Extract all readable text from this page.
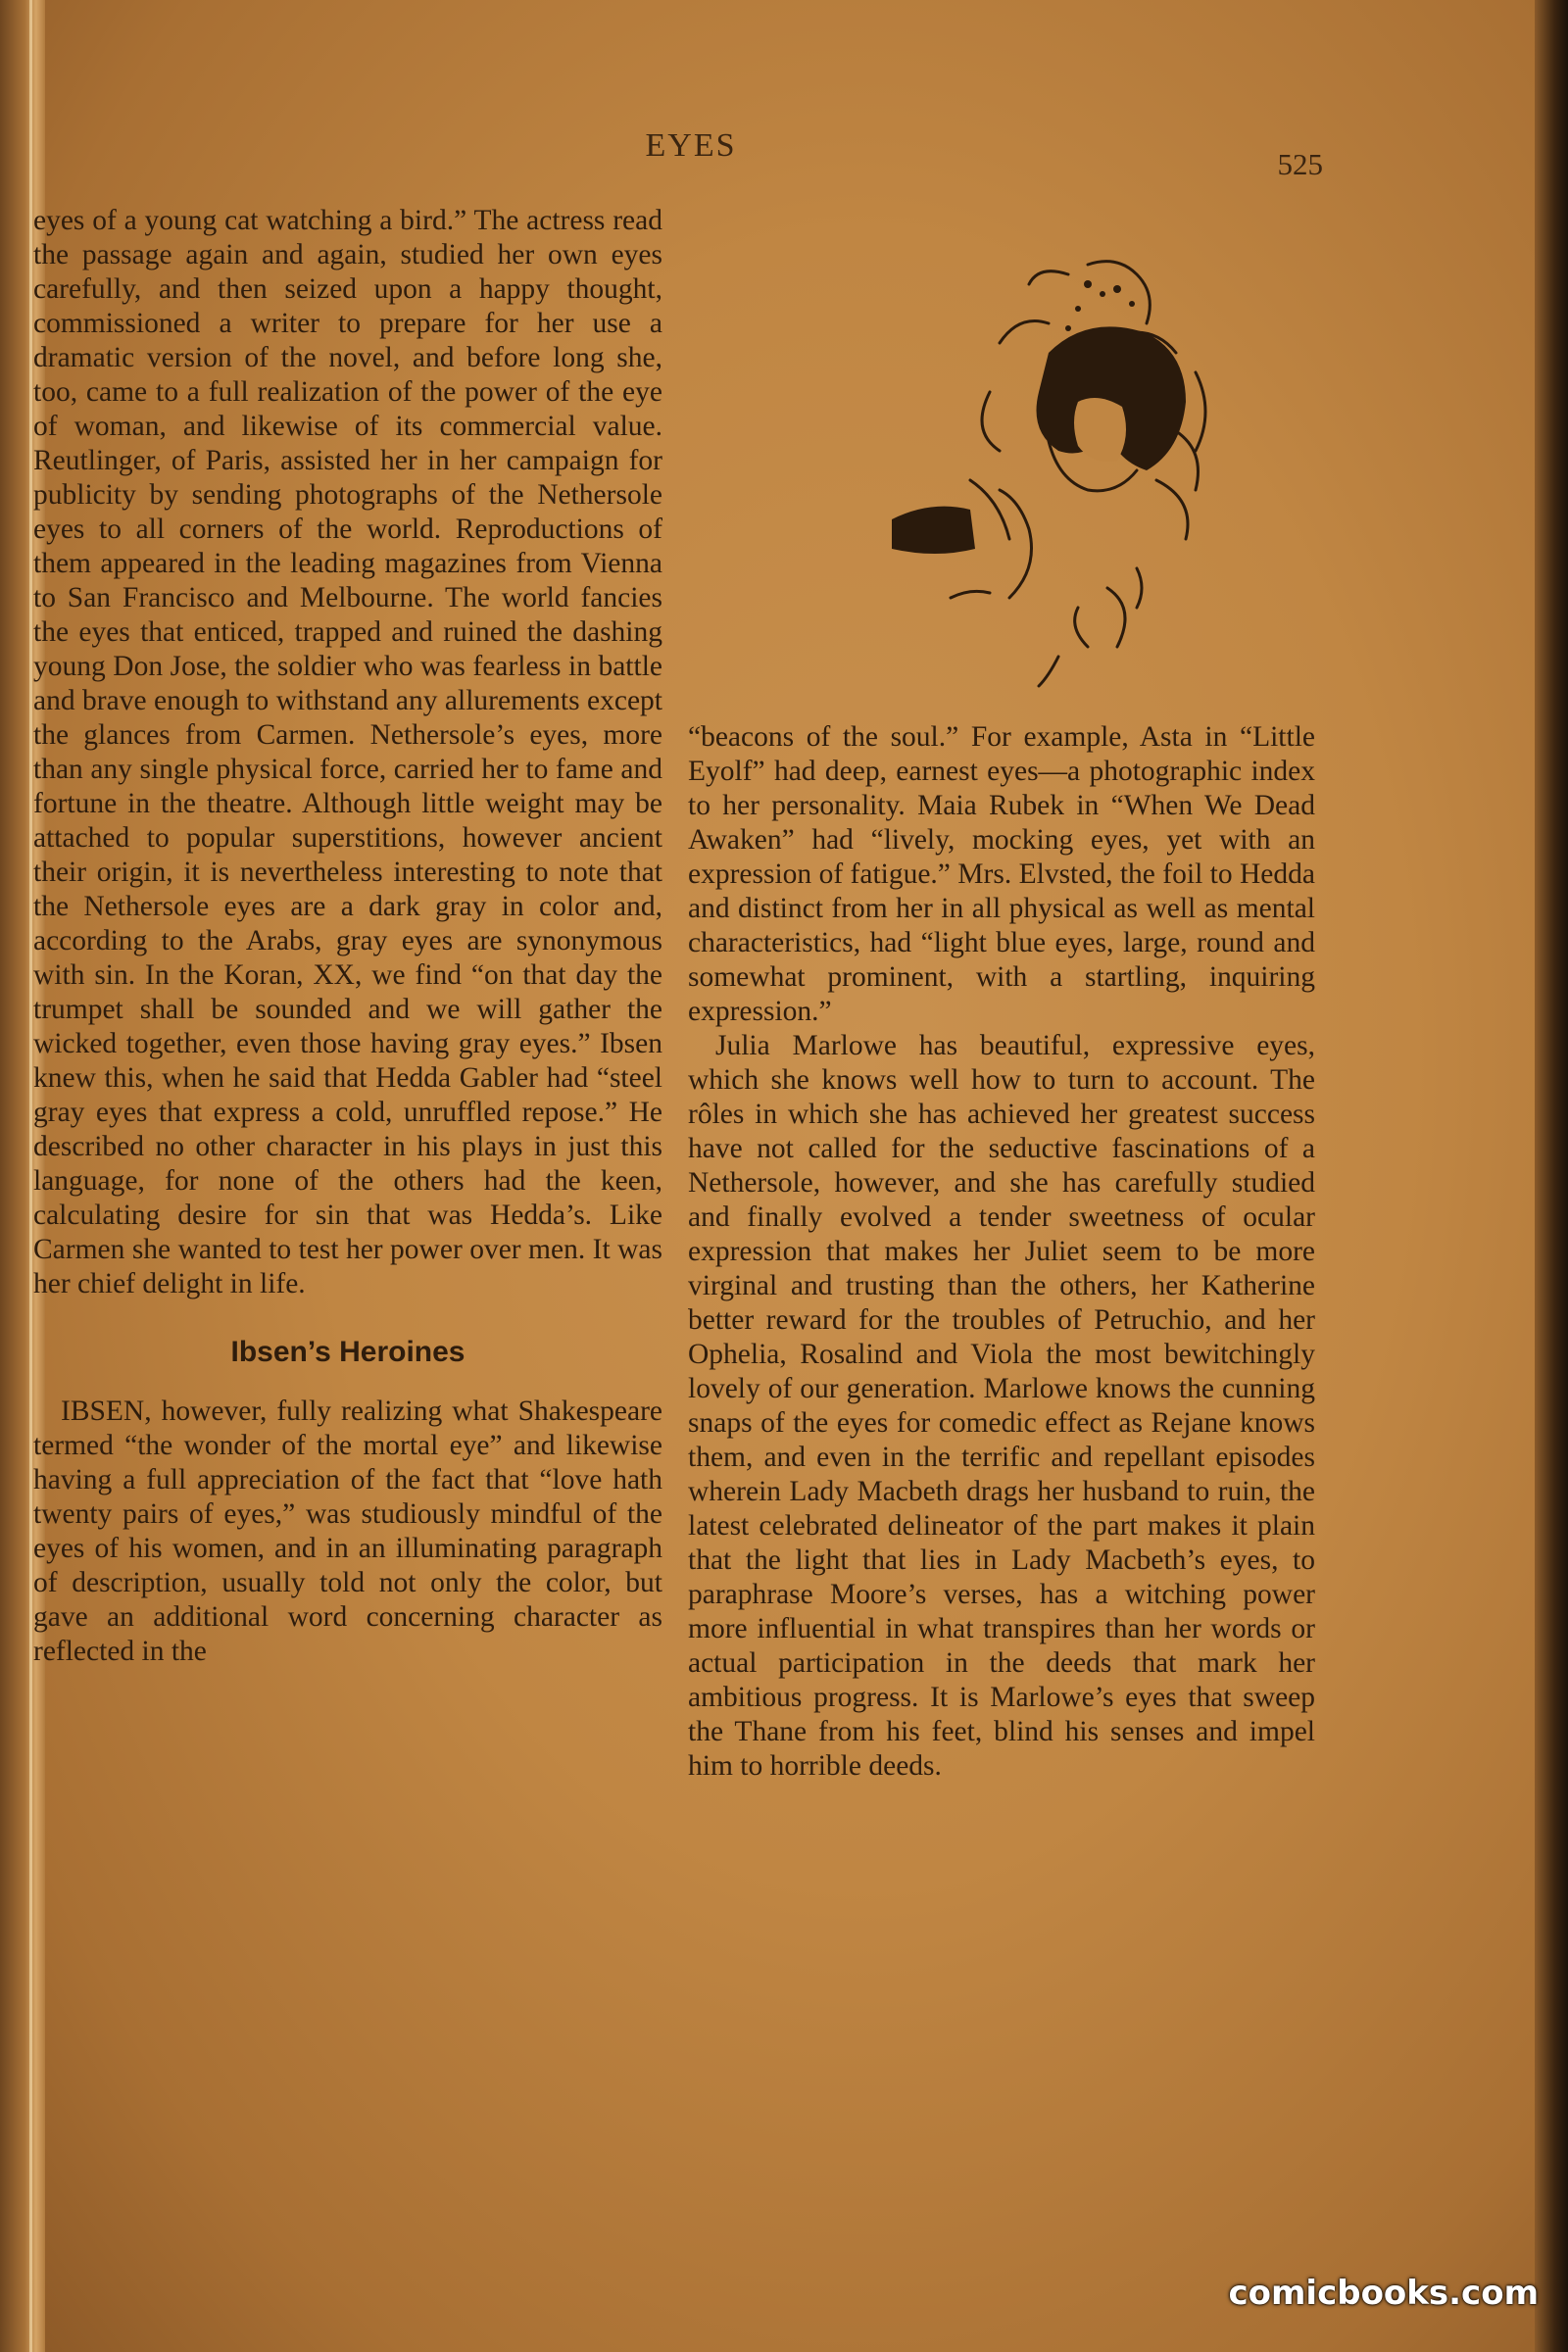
EYES
525

eyes of a young cat watching a bird.” The actress read the passage again and again, studied her own eyes carefully, and then seized upon a happy thought, commissioned a writer to prepare for her use a dramatic version of the novel, and before long she, too, came to a full realization of the power of the eye of woman, and likewise of its commercial value. Reutlinger, of Paris, assisted her in her campaign for publicity by sending photographs of the Nethersole eyes to all corners of the world. Reproductions of them appeared in the leading magazines from Vienna to San Francisco and Melbourne. The world fancies the eyes that enticed, trapped and ruined the dashing young Don Jose, the soldier who was fearless in battle and brave enough to withstand any allurements except the glances from Carmen. Nethersole’s eyes, more than any single physical force, carried her to fame and fortune in the theatre. Although little weight may be attached to popular superstitions, however ancient their origin, it is nevertheless interesting to note that the Nethersole eyes are a dark gray in color and, according to the Arabs, gray eyes are synonymous with sin. In the Koran, XX, we find “on that day the trumpet shall be sounded and we will gather the wicked together, even those having gray eyes.” Ibsen knew this, when he said that Hedda Gabler had “steel gray eyes that express a cold, unruffled repose.” He described no other character in his plays in just this language, for none of the others had the keen, calculating desire for sin that was Hedda’s. Like Carmen she wanted to test her power over men. It was her chief delight in life.

Ibsen’s Heroines

IBSEN, however, fully realizing what Shakespeare termed “the wonder of the mortal eye” and likewise having a full appreciation of the fact that “love hath twenty pairs of eyes,” was studiously mindful of the eyes of his women, and in an illuminating paragraph of description, usually told not only the color, but gave an additional word concerning character as reflected in the

“beacons of the soul.” For example, Asta in “Little Eyolf” had deep, earnest eyes—a photographic index to her personality. Maia Rubek in “When We Dead Awaken” had “lively, mocking eyes, yet with an expression of fatigue.” Mrs. Elvsted, the foil to Hedda and distinct from her in all physical as well as mental characteristics, had “light blue eyes, large, round and somewhat prominent, with a startling, inquiring expression.”

Julia Marlowe has beautiful, expressive eyes, which she knows well how to turn to account. The rôles in which she has achieved her greatest success have not called for the seductive fascinations of a Nethersole, however, and she has carefully studied and finally evolved a tender sweetness of ocular expression that makes her Juliet seem to be more virginal and trusting than the others, her Katherine better reward for the troubles of Petruchio, and her Ophelia, Rosalind and Viola the most bewitchingly lovely of our generation. Marlowe knows the cunning snaps of the eyes for comedic effect as Rejane knows them, and even in the terrific and repellant episodes wherein Lady Macbeth drags her husband to ruin, the latest celebrated delineator of the part makes it plain that the light that lies in Lady Macbeth’s eyes, to paraphrase Moore’s verses, has a witching power more influential in what transpires than her words or actual participation in the deeds that mark her ambitious progress. It is Marlowe’s eyes that sweep the Thane from his feet, blind his senses and impel him to horrible deeds.

comicbooks.com
